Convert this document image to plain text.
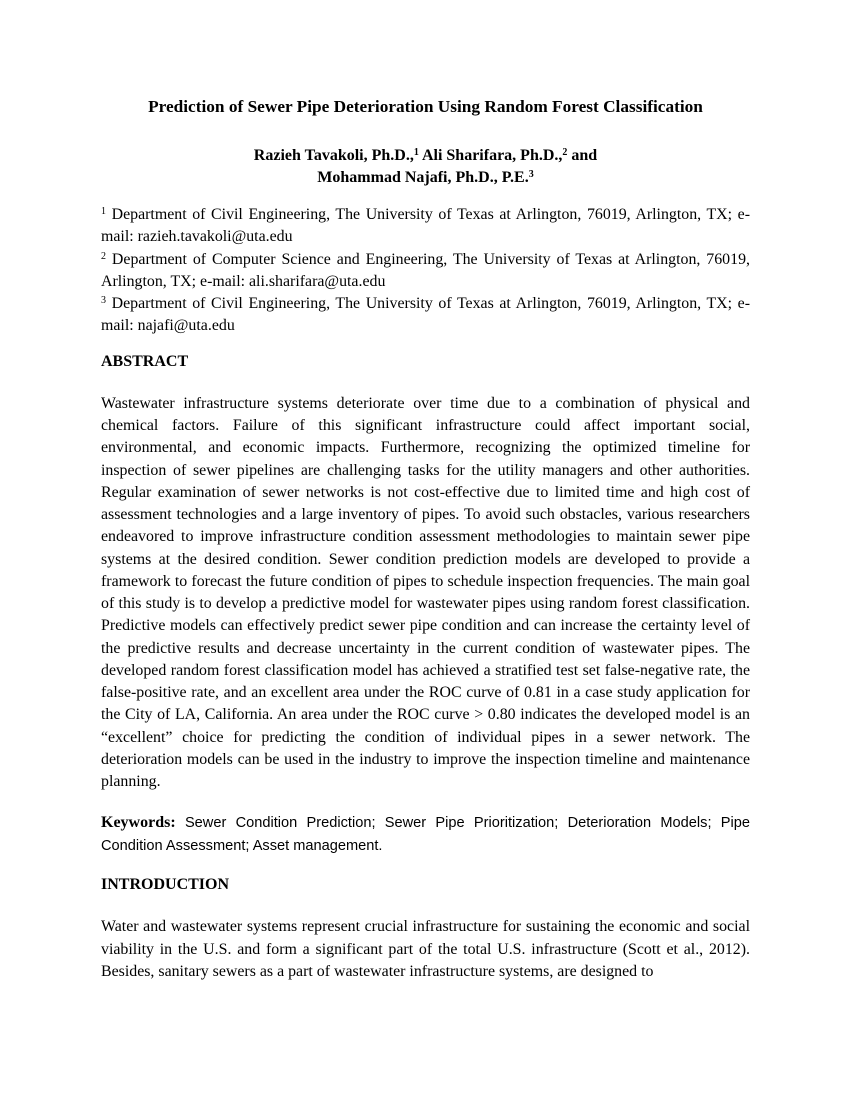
Prediction of Sewer Pipe Deterioration Using Random Forest Classification
Razieh Tavakoli, Ph.D.,$^1$ Ali Sharifara, Ph.D.,$^2$ and
Mohammad Najafi, Ph.D., P.E.$^3$

$^1$ Department of Civil Engineering, The University of Texas at Arlington, 76019, Arlington, TX; e-mail: razieh.tavakoli@uta.edu

$^2$ Department of Computer Science and Engineering, The University of Texas at Arlington, 76019, Arlington, TX; e-mail: ali.sharifara@uta.edu

$^3$ Department of Civil Engineering, The University of Texas at Arlington, 76019, Arlington, TX; e-mail: najafi@uta.edu

ABSTRACT

Wastewater infrastructure systems deteriorate over time due to a combination of physical and chemical factors. Failure of this significant infrastructure could affect important social, environmental, and economic impacts. Furthermore, recognizing the optimized timeline for inspection of sewer pipelines are challenging tasks for the utility managers and other authorities. Regular examination of sewer networks is not cost-effective due to limited time and high cost of assessment technologies and a large inventory of pipes. To avoid such obstacles, various researchers endeavored to improve infrastructure condition assessment methodologies to maintain sewer pipe systems at the desired condition. Sewer condition prediction models are developed to provide a framework to forecast the future condition of pipes to schedule inspection frequencies. The main goal of this study is to develop a predictive model for wastewater pipes using random forest classification. Predictive models can effectively predict sewer pipe condition and can increase the certainty level of the predictive results and decrease uncertainty in the current condition of wastewater pipes. The developed random forest classification model has achieved a stratified test set false-negative rate, the false-positive rate, and an excellent area under the ROC curve of 0.81 in a case study application for the City of LA, California. An area under the ROC curve > 0.80 indicates the developed model is an “excellent” choice for predicting the condition of individual pipes in a sewer network. The deterioration models can be used in the industry to improve the inspection timeline and maintenance planning.

Keywords: Sewer Condition Prediction; Sewer Pipe Prioritization; Deterioration Models; Pipe Condition Assessment; Asset management.

INTRODUCTION

Water and wastewater systems represent crucial infrastructure for sustaining the economic and social viability in the U.S. and form a significant part of the total U.S. infrastructure (Scott et al., 2012). Besides, sanitary sewers as a part of wastewater infrastructure systems, are designed to
